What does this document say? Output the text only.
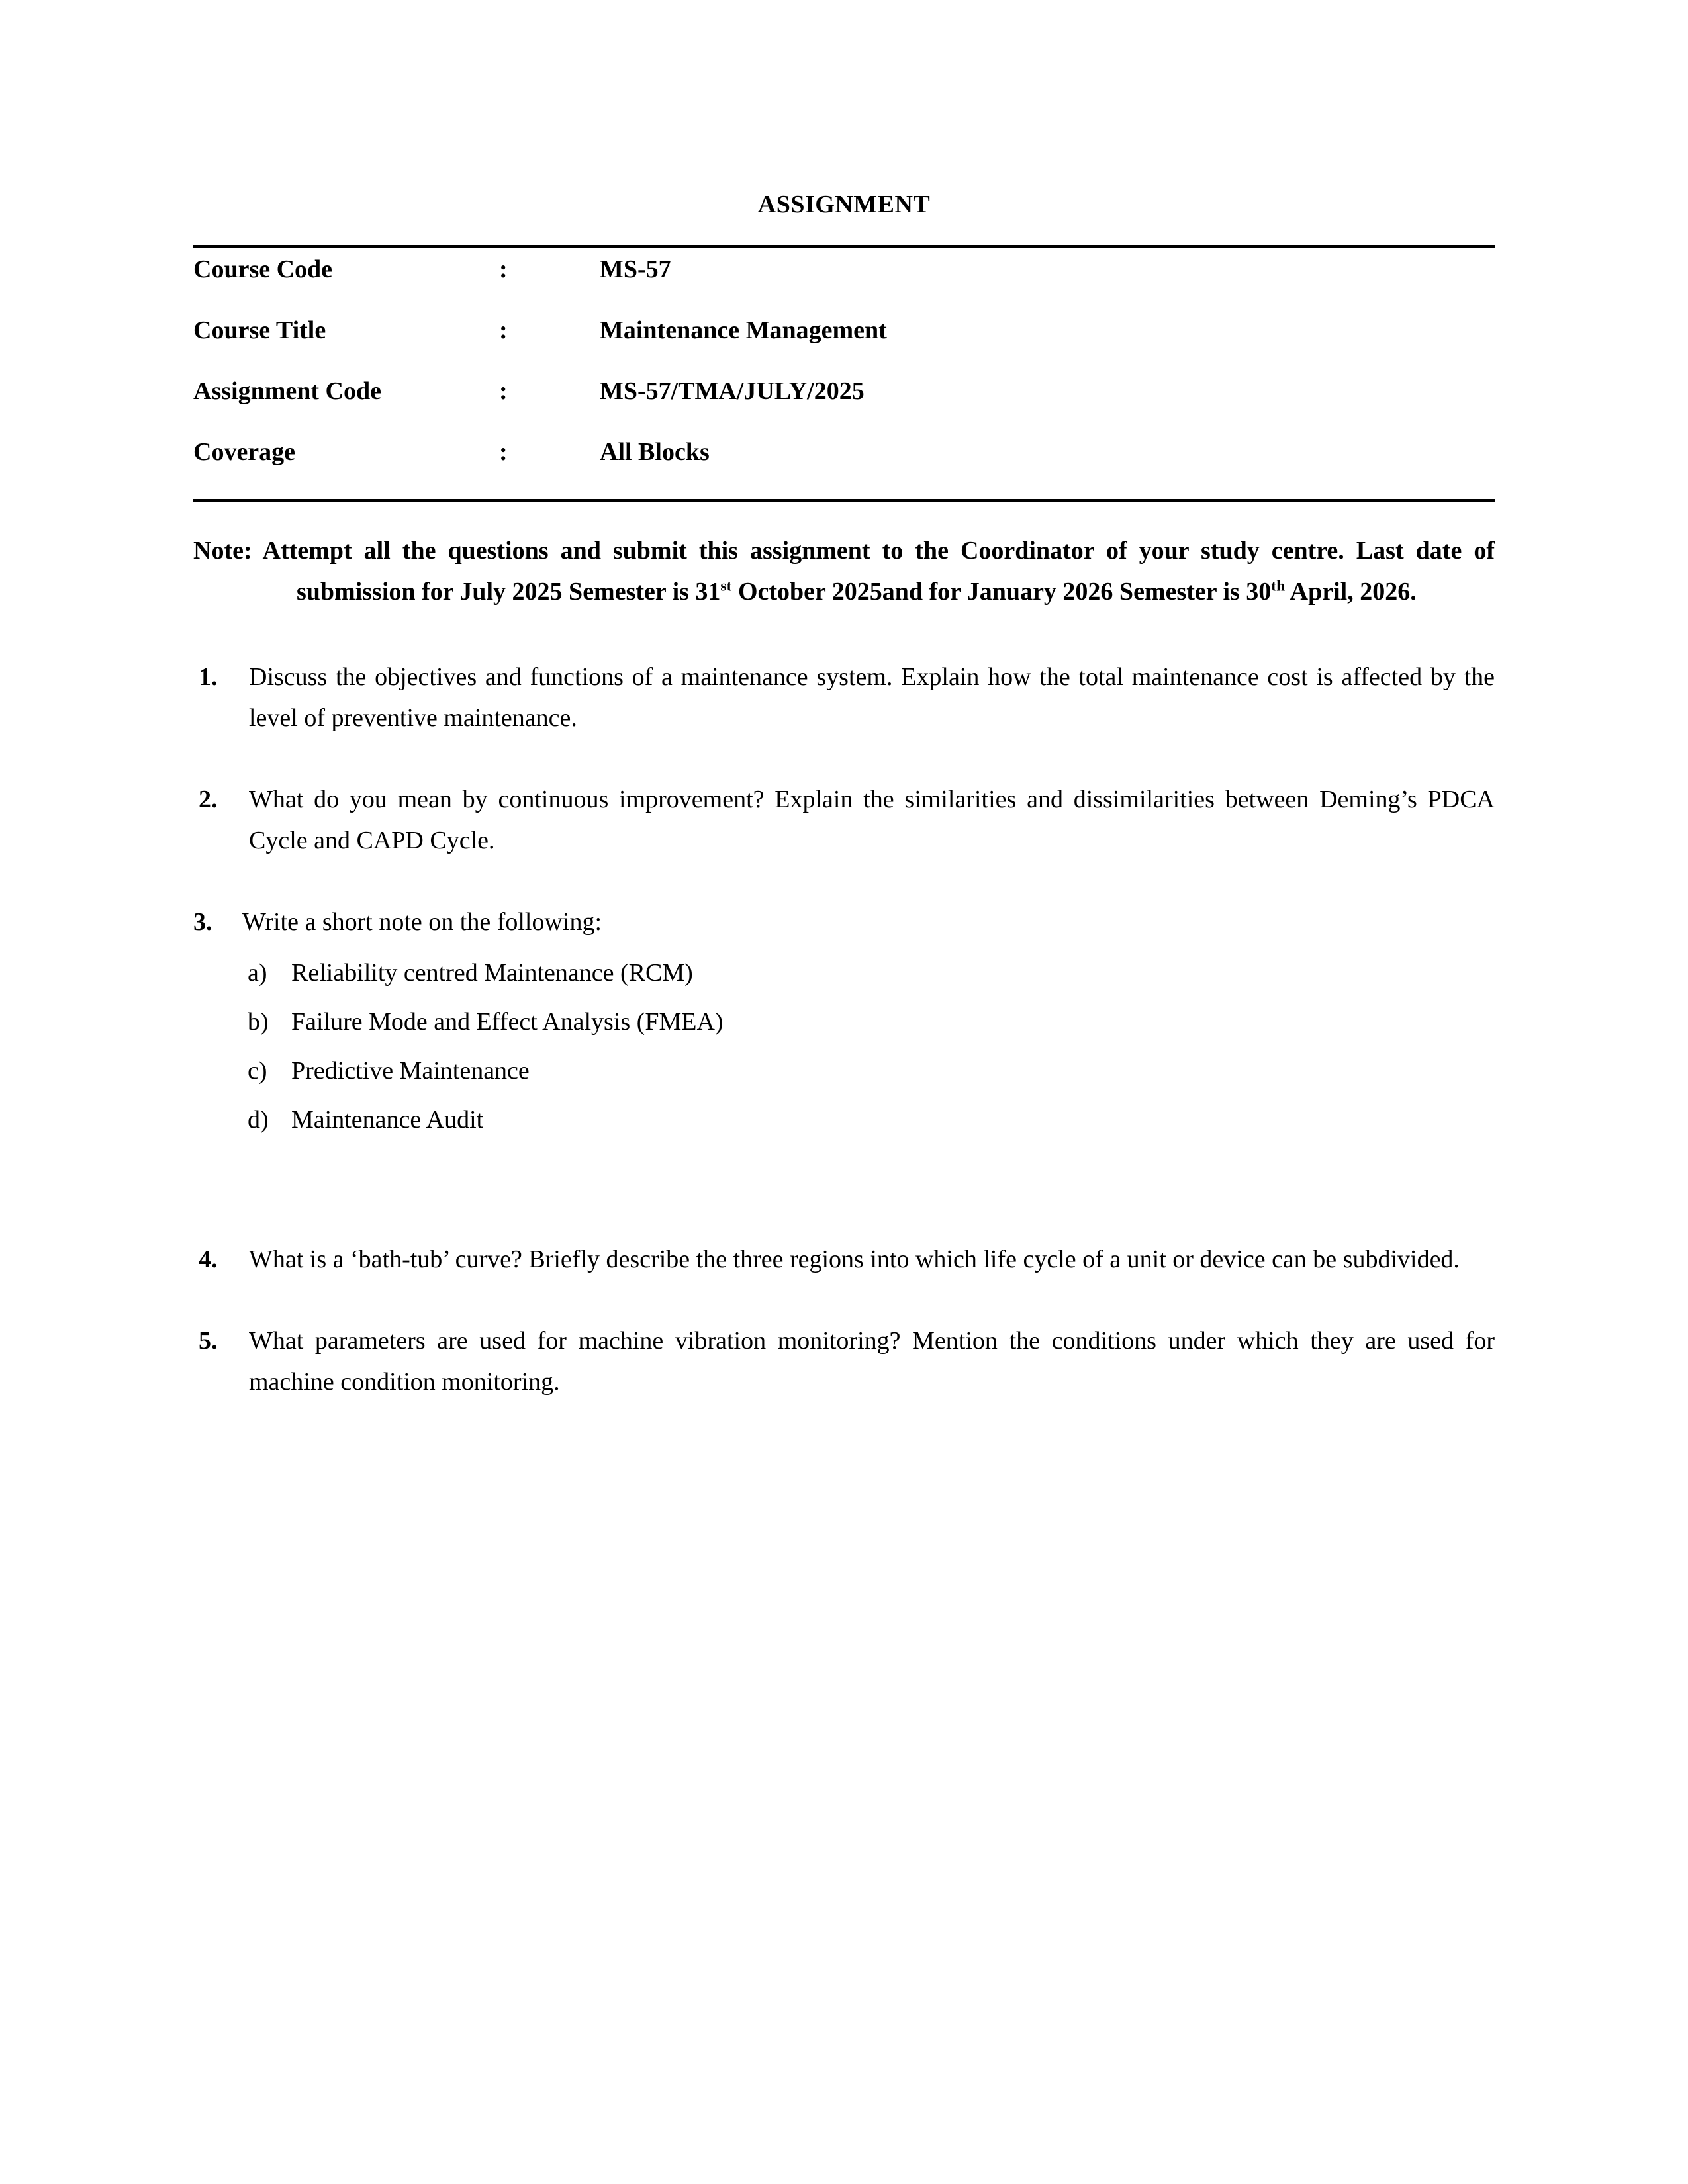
ASSIGNMENT
Course Code	:	MS-57
Course Title	:	Maintenance Management
Assignment Code	:	MS-57/TMA/JULY/2025
Coverage	:	All Blocks

Note: Attempt all the questions and submit this assignment to the Coordinator of your study centre. Last date of submission for July 2025 Semester is 31st October 2025and for January 2026 Semester is 30th April, 2026.

1.	Discuss the objectives and functions of a maintenance system. Explain how the total maintenance cost is affected by the level of preventive maintenance.

2.	What do you mean by continuous improvement? Explain the similarities and dissimilarities between Deming’s PDCA Cycle and CAPD Cycle.

3.	Write a short note on the following:

a) Reliability centred Maintenance (RCM)
b) Failure Mode and Effect Analysis (FMEA)
c) Predictive Maintenance
d) Maintenance Audit

4.	What is a ‘bath-tub’ curve? Briefly describe the three regions into which life cycle of a unit or device can be subdivided.

5.	What parameters are used for machine vibration monitoring? Mention the conditions under which they are used for machine condition monitoring.
